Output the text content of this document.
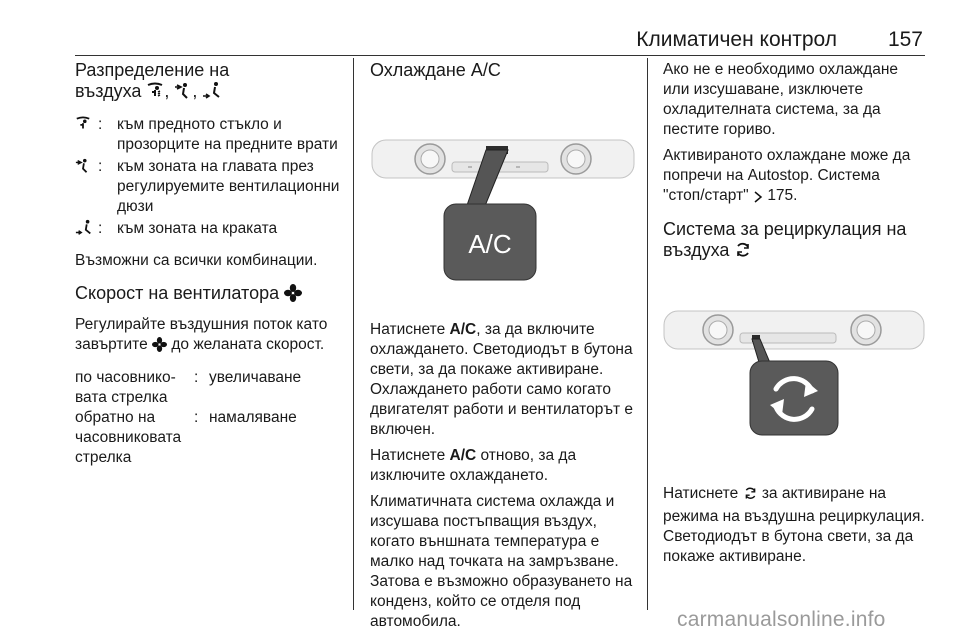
Климатичен контрол 157
Разпределение на
въздуха , ,
: към предното стъкло и прозорците на предните врати
: към зоната на главата през регулируемите вентилационни дюзи
: към зоната на краката

Възможни са всички комбинации.

Скорост на вентилатора

Регулирайте въздушния поток като завъртите до желаната скорост.

по часовнико-вата стрелка
: увеличаване
обратно на часовниковата стрелка
: намаляване
Охлаждане A/C
A/C

Натиснете A/C, за да включите охлаждането. Светодиодът в бутона свети, за да покаже активиране. Охлаждането работи само когато двигателят работи и вентилаторът е включен.

Натиснете A/C отново, за да изключите охлаждането.

Климатичната система охлажда и изсушава постъпващия въздух, когато външната температура е малко над точката на замръзване. Затова е възможно образуването на конденз, който се отделя под автомобила.

Ако не е необходимо охлаждане или изсушаване, изключете охладителната система, за да пестите гориво.

Активираното охлаждане може да попречи на Autostop. Система "стоп/старт" 175.

Система за рециркулация на
въздуха

Натиснете за активиране на режима на въздушна рециркулация. Светодиодът в бутона свети, за да покаже активиране.

carmanualsonline.info
